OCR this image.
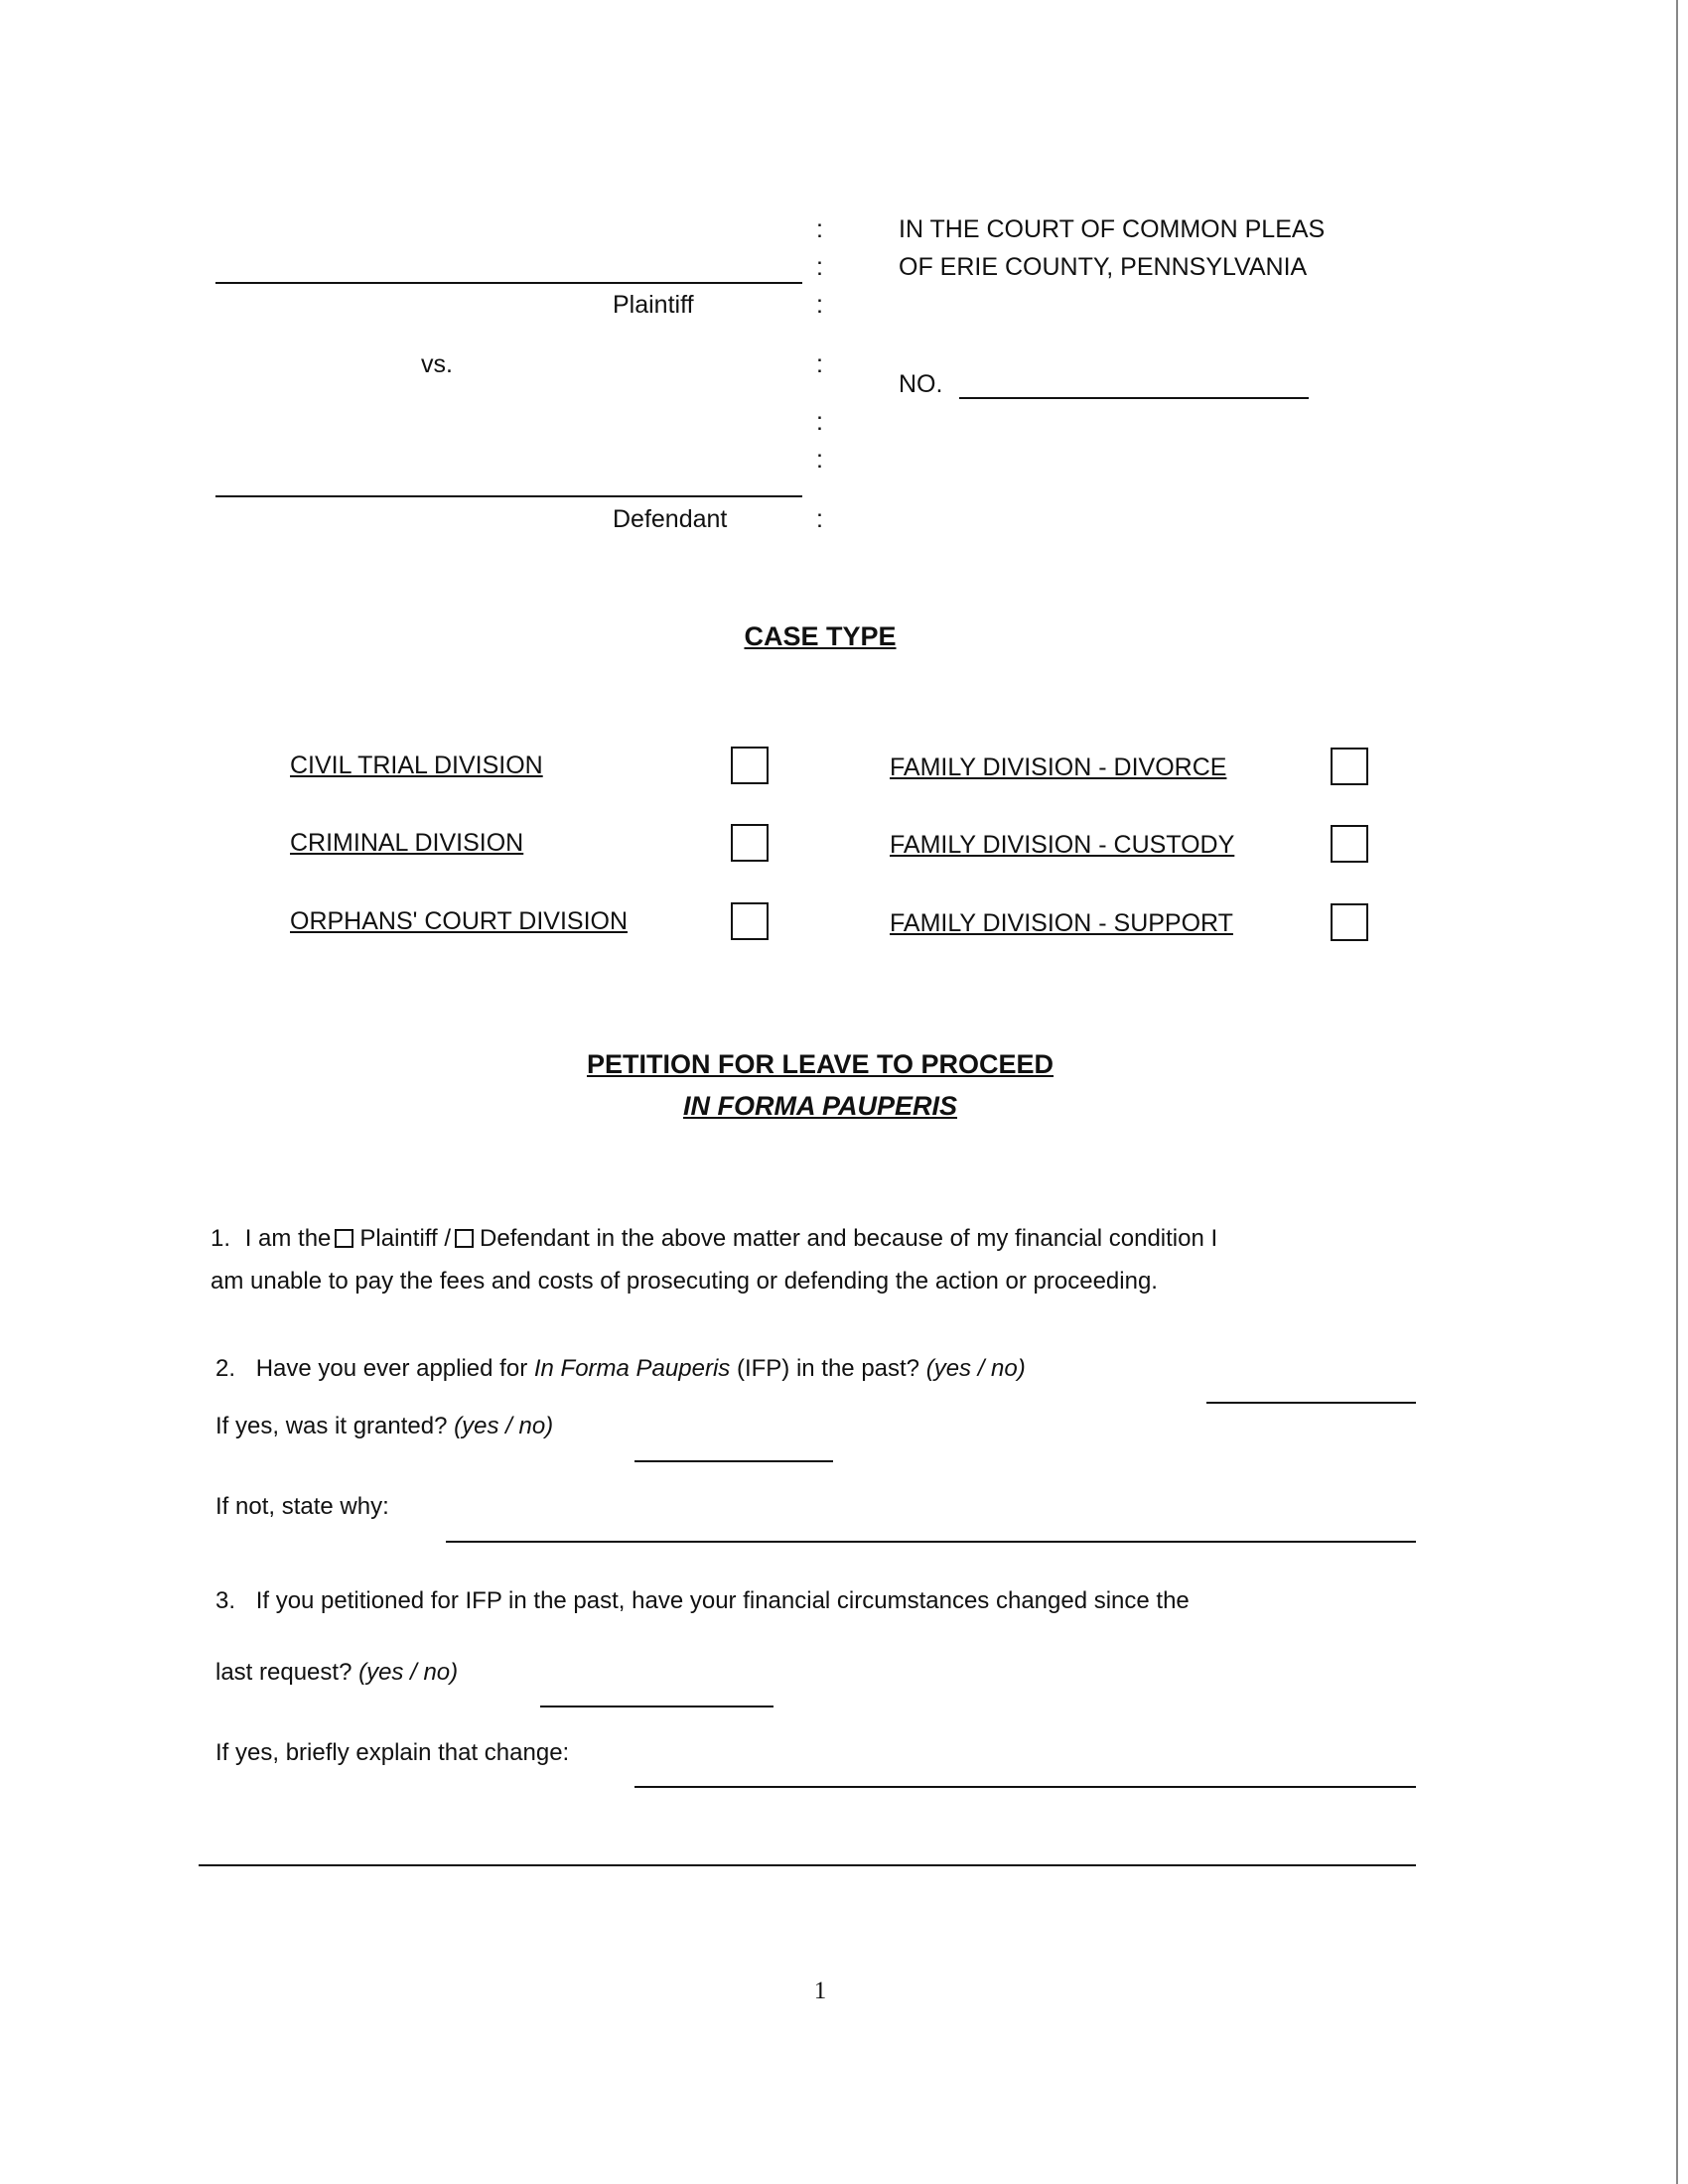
:
:
:
:
:
:
:
IN THE COURT OF COMMON PLEAS
OF ERIE COUNTY, PENNSYLVANIA
Plaintiff
vs.
Defendant
NO.
CASE TYPE
CIVIL TRIAL DIVISION	FAMILY DIVISION - DIVORCE
CRIMINAL DIVISION	FAMILY DIVISION - CUSTODY
ORPHANS' COURT DIVISION	FAMILY DIVISION - SUPPORT
PETITION FOR LEAVE TO PROCEED
IN FORMA PAUPERIS
1. I am the Plaintiff / Defendant in the above matter and because of my financial condition I
am unable to pay the fees and costs of prosecuting or defending the action or proceeding.
2. Have you ever applied for In Forma Pauperis (IFP) in the past? (yes / no)
If yes, was it granted? (yes / no)
If not, state why:
3. If you petitioned for IFP in the past, have your financial circumstances changed since the
last request? (yes / no)
If yes, briefly explain that change:
1
